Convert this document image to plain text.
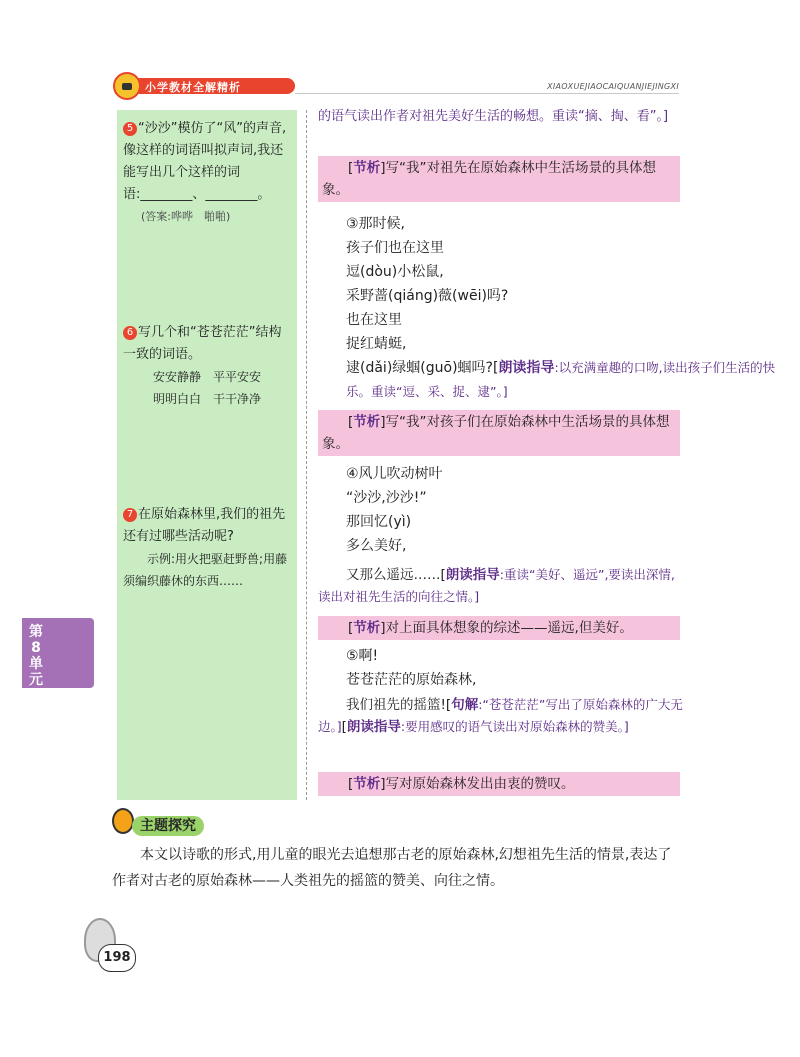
小学教材全解精析	XIAOXUEJIAOCAIQUANJIEJINGXI
5 “沙沙”模仿了“风”的声音,像这样的词语叫拟声词,我还能写出几个这样的词语:________、________。
(答案:哗哗　啪啪)
6 写几个和“苍苍茫茫”结构一致的词语。
安安静静　平平安安
明明白白　干干净净
7 在原始森林里,我们的祖先还有过哪些活动呢?
示例:用火把驱赶野兽;用藤须编织藤休的东西……
的语气读出作者对祖先美好生活的畅想。重读“摘、掏、看”。]
[节析]写“我”对祖先在原始森林中生活场景的具体想象。
③那时候,
孩子们也在这里
逗(dòu)小松鼠,
采野蔷(qiáng)薇(wēi)吗?
也在这里
捉红蜻蜓,
逮(dǎi)绿蝈(guō)蝈吗?[朗读指导:以充满童趣的口吻,读出孩子们生活的快乐。重读“逗、采、捉、逮”。]
[节析]写“我”对孩子们在原始森林中生活场景的具体想象。
④风儿吹动树叶
“沙沙,沙沙!”
那回忆(yì)
多么美好,
又那么遥远……[朗读指导:重读“美好、遥远”,要读出深情,读出对祖先生活的向往之情。]
[节析]对上面具体想象的综述——遥远,但美好。
⑤啊!
苍苍茫茫的原始森林,
我们祖先的摇篮![句解:“苍苍茫茫”写出了原始森林的广大无边。][朗读指导:要用感叹的语气读出对原始森林的赞美。]
[节析]写对原始森林发出由衷的赞叹。
第
8
单
元
主题探究
本文以诗歌的形式,用儿童的眼光去追想那古老的原始森林,幻想祖先生活的情景,表达了作者对古老的原始森林——人类祖先的摇篮的赞美、向往之情。
198
